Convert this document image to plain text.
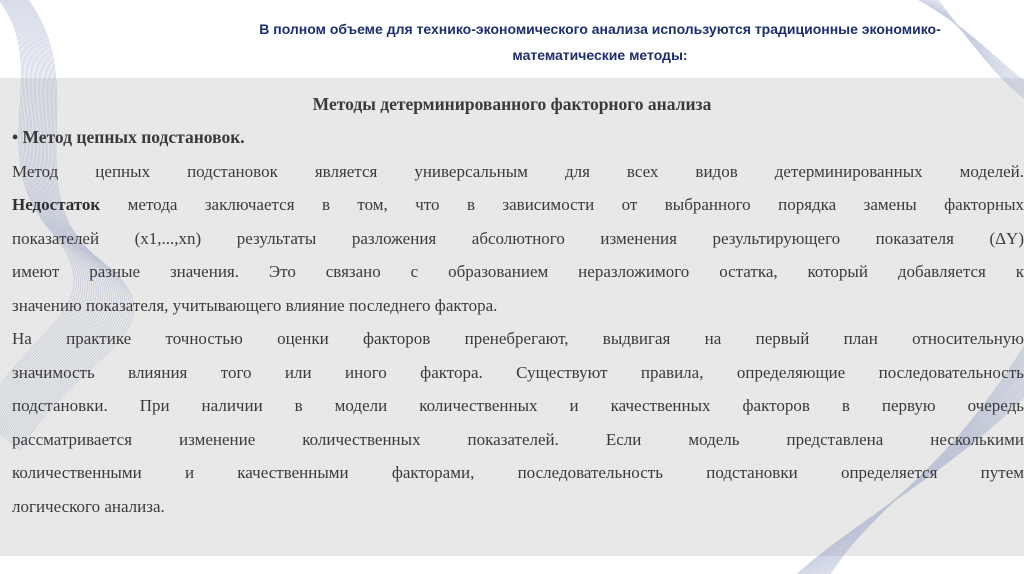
В полном объеме для технико-экономического анализа используются традиционные экономико-
математические методы:
Методы детерминированного факторного анализа
• Метод цепных подстановок.
Метод цепных подстановок является универсальным для всех видов детерминированных моделей.
Недостаток метода заключается в том, что в зависимости от выбранного порядка замены факторных
показателей (x1,...,xn) результаты разложения абсолютного изменения результирующего показателя (ΔY)
имеют разные значения. Это связано с образованием неразложимого остатка, который добавляется к
значению показателя, учитывающего влияние последнего фактора.
На практике точностью оценки факторов пренебрегают, выдвигая на первый план относительную
значимость влияния того или иного фактора. Существуют правила, определяющие последовательность
подстановки. При наличии в модели количественных и качественных факторов в первую очередь
рассматривается изменение количественных показателей. Если модель представлена несколькими
количественными и качественными факторами, последовательность подстановки определяется путем
логического анализа.
